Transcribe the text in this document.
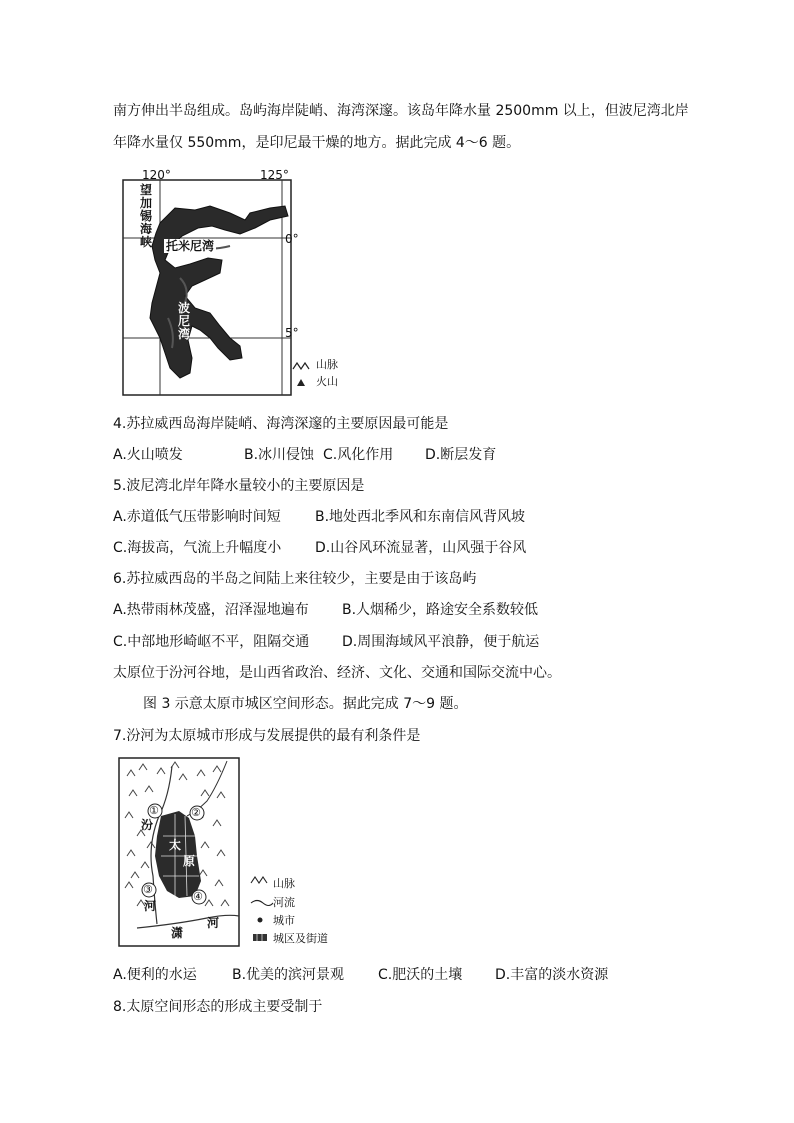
南方伸出半岛组成。岛屿海岸陡峭、海湾深邃。该岛年降水量 2500mm 以上，但波尼湾北岸
年降水量仅 550mm，是印尼最干燥的地方。据此完成 4～6 题。
120°	125°
0°
5°
望加锡海峡 托米尼湾
波尼湾
山脉
火山
4.苏拉威西岛海岸陡峭、海湾深邃的主要原因最可能是
A.火山喷发	B.冰川侵蚀 C.风化作用 D.断层发育
5.波尼湾北岸年降水量较小的主要原因是
A.赤道低气压带影响时间短 B.地处西北季风和东南信风背风坡
C.海拔高，气流上升幅度小 D.山谷风环流显著，山风强于谷风
6.苏拉威西岛的半岛之间陆上来往较少，主要是由于该岛屿
A.热带雨林茂盛，沼泽湿地遍布 B.人烟稀少，路途安全系数较低
C.中部地形崎岖不平，阻隔交通 D.周围海域风平浪静，便于航运
太原位于汾河谷地，是山西省政治、经济、文化、交通和国际交流中心。
图 3 示意太原市城区空间形态。据此完成 7～9 题。
7.汾河为太原城市形成与发展提供的最有利条件是
①	②
③
④
汾
河
太
原
潇
河
山脉
河流
城市
城区及街道
A.便利的水运	B.优美的滨河景观 C.肥沃的土壤 D.丰富的淡水资源
8.太原空间形态的形成主要受制于
